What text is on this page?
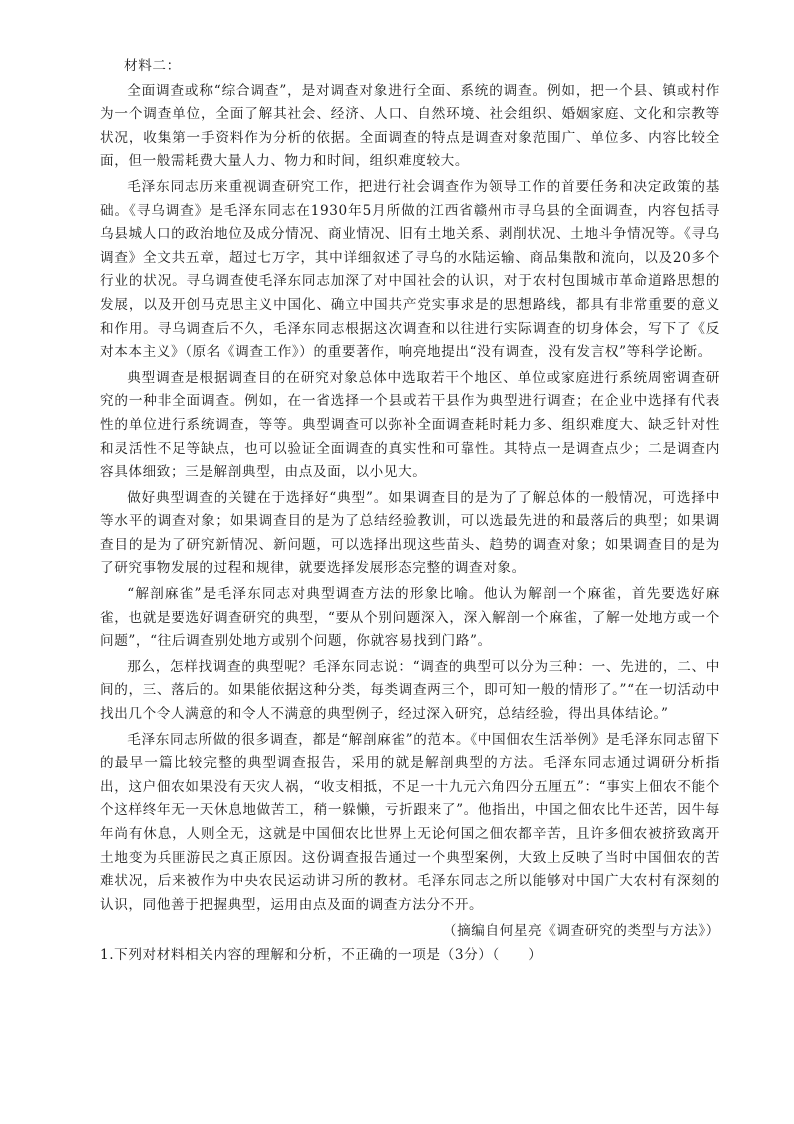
材料二：

全面调查或称“综合调查”，是对调查对象进行全面、系统的调查。例如，把一个县、镇或村作为一个调查单位，全面了解其社会、经济、人口、自然环境、社会组织、婚姻家庭、文化和宗教等状况，收集第一手资料作为分析的依据。全面调查的特点是调查对象范围广、单位多、内容比较全面，但一般需耗费大量人力、物力和时间，组织难度较大。

毛泽东同志历来重视调查研究工作，把进行社会调查作为领导工作的首要任务和决定政策的基础。《寻乌调查》是毛泽东同志在1930年5月所做的江西省赣州市寻乌县的全面调查，内容包括寻乌县城人口的政治地位及成分情况、商业情况、旧有土地关系、剥削状况、土地斗争情况等。《寻乌调查》全文共五章，超过七万字，其中详细叙述了寻乌的水陆运输、商品集散和流向，以及20多个行业的状况。寻乌调查使毛泽东同志加深了对中国社会的认识，对于农村包围城市革命道路思想的发展，以及开创马克思主义中国化、确立中国共产党实事求是的思想路线，都具有非常重要的意义和作用。寻乌调查后不久，毛泽东同志根据这次调查和以往进行实际调查的切身体会，写下了《反对本本主义》（原名《调查工作》）的重要著作，响亮地提出“没有调查，没有发言权”等科学论断。

典型调查是根据调查目的在研究对象总体中选取若干个地区、单位或家庭进行系统周密调查研究的一种非全面调查。例如，在一省选择一个县或若干县作为典型进行调查；在企业中选择有代表性的单位进行系统调查，等等。典型调查可以弥补全面调查耗时耗力多、组织难度大、缺乏针对性和灵活性不足等缺点，也可以验证全面调查的真实性和可靠性。其特点一是调查点少；二是调查内容具体细致；三是解剖典型，由点及面，以小见大。

做好典型调查的关键在于选择好“典型”。如果调查目的是为了了解总体的一般情况，可选择中等水平的调查对象；如果调查目的是为了总结经验教训，可以选最先进的和最落后的典型；如果调查目的是为了研究新情况、新问题，可以选择出现这些苗头、趋势的调查对象；如果调查目的是为了研究事物发展的过程和规律，就要选择发展形态完整的调查对象。

“解剖麻雀”是毛泽东同志对典型调查方法的形象比喻。他认为解剖一个麻雀，首先要选好麻雀，也就是要选好调查研究的典型，“要从个别问题深入，深入解剖一个麻雀，了解一处地方或一个问题”，“往后调查别处地方或别个问题，你就容易找到门路”。

那么，怎样找调查的典型呢？毛泽东同志说：“调查的典型可以分为三种：一、先进的，二、中间的，三、落后的。如果能依据这种分类，每类调查两三个，即可知一般的情形了。”“在一切活动中找出几个令人满意的和令人不满意的典型例子，经过深入研究，总结经验，得出具体结论。”

毛泽东同志所做的很多调查，都是“解剖麻雀”的范本。《中国佃农生活举例》是毛泽东同志留下的最早一篇比较完整的典型调查报告，采用的就是解剖典型的方法。毛泽东同志通过调研分析指出，这户佃农如果没有天灾人祸，“收支相抵，不足一十九元六角四分五厘五”：“事实上佃农不能个个这样终年无一天休息地做苦工，稍一躲懒，亏折跟来了”。他指出，中国之佃农比牛还苦，因牛每年尚有休息，人则全无，这就是中国佃农比世界上无论何国之佃农都辛苦，且许多佃农被挤致离开土地变为兵匪游民之真正原因。这份调查报告通过一个典型案例，大致上反映了当时中国佃农的苦难状况，后来被作为中央农民运动讲习所的教材。毛泽东同志之所以能够对中国广大农村有深刻的认识，同他善于把握典型，运用由点及面的调查方法分不开。

（摘编自何星亮《调查研究的类型与方法》）

1.下列对材料相关内容的理解和分析，不正确的一项是（3分）（　　）
